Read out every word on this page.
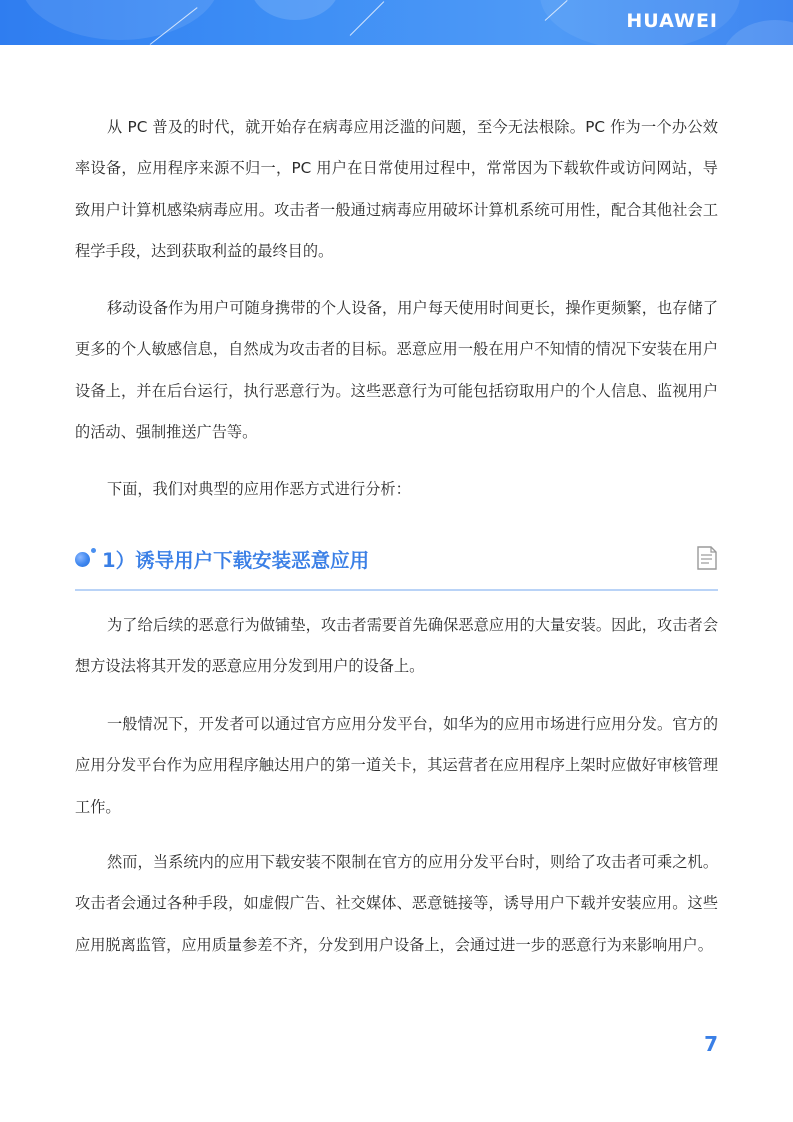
HUAWEI

从 PC 普及的时代，就开始存在病毒应用泛滥的问题，至今无法根除。PC 作为一个办公效率设备，应用程序来源不归一，PC 用户在日常使用过程中，常常因为下载软件或访问网站，导致用户计算机感染病毒应用。攻击者一般通过病毒应用破坏计算机系统可用性，配合其他社会工程学手段，达到获取利益的最终目的。

移动设备作为用户可随身携带的个人设备，用户每天使用时间更长，操作更频繁，也存储了更多的个人敏感信息，自然成为攻击者的目标。恶意应用一般在用户不知情的情况下安装在用户设备上，并在后台运行，执行恶意行为。这些恶意行为可能包括窃取用户的个人信息、监视用户的活动、强制推送广告等。

下面，我们对典型的应用作恶方式进行分析：

1）诱导用户下载安装恶意应用

为了给后续的恶意行为做铺垫，攻击者需要首先确保恶意应用的大量安装。因此，攻击者会想方设法将其开发的恶意应用分发到用户的设备上。

一般情况下，开发者可以通过官方应用分发平台，如华为的应用市场进行应用分发。官方的应用分发平台作为应用程序触达用户的第一道关卡，其运营者在应用程序上架时应做好审核管理工作。

然而，当系统内的应用下载安装不限制在官方的应用分发平台时，则给了攻击者可乘之机。攻击者会通过各种手段，如虚假广告、社交媒体、恶意链接等，诱导用户下载并安装应用。这些应用脱离监管，应用质量参差不齐，分发到用户设备上，会通过进一步的恶意行为来影响用户。

7
